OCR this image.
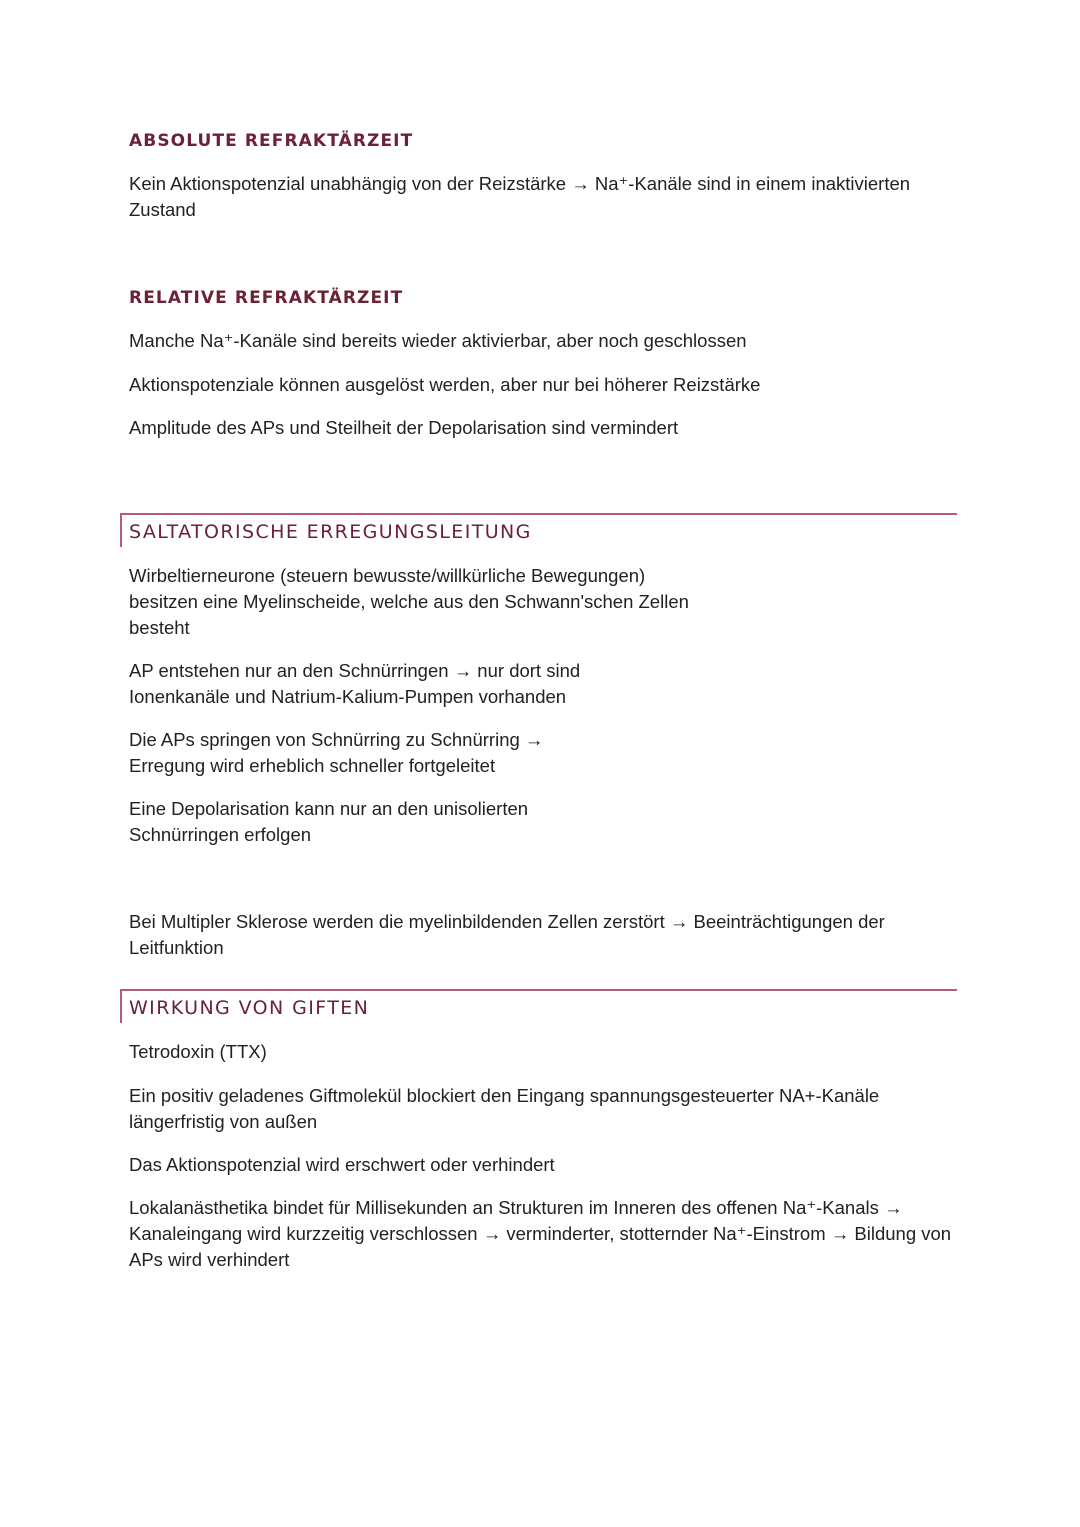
ABSOLUTE REFRAKTÄRZEIT

Kein Aktionspotenzial unabhängig von der Reizstärke → Na⁺-Kanäle sind in einem inaktivierten Zustand

RELATIVE REFRAKTÄRZEIT

Manche Na⁺-Kanäle sind bereits wieder aktivierbar, aber noch geschlossen

Aktionspotenziale können ausgelöst werden, aber nur bei höherer Reizstärke

Amplitude des APs und Steilheit der Depolarisation sind vermindert

SALTATORISCHE ERREGUNGSLEITUNG

Wirbeltierneurone (steuern bewusste/willkürliche Bewegungen) besitzen eine Myelinscheide, welche aus den Schwann'schen Zellen besteht

AP entstehen nur an den Schnürringen → nur dort sind Ionenkanäle und Natrium-Kalium-Pumpen vorhanden

Die APs springen von Schnürring zu Schnürring → Erregung wird erheblich schneller fortgeleitet

Eine Depolarisation kann nur an den unisolierten Schnürringen erfolgen

Bei Multipler Sklerose werden die myelinbildenden Zellen zerstört → Beeinträchtigungen der Leitfunktion

WIRKUNG VON GIFTEN

Tetrodoxin (TTX)

Ein positiv geladenes Giftmolekül blockiert den Eingang spannungsgesteuerter NA+-Kanäle längerfristig von außen

Das Aktionspotenzial wird erschwert oder verhindert

Lokalanästhetika bindet für Millisekunden an Strukturen im Inneren des offenen Na⁺-Kanals → Kanaleingang wird kurzzeitig verschlossen → verminderter, stotternder Na⁺-Einstrom → Bildung von APs wird verhindert
